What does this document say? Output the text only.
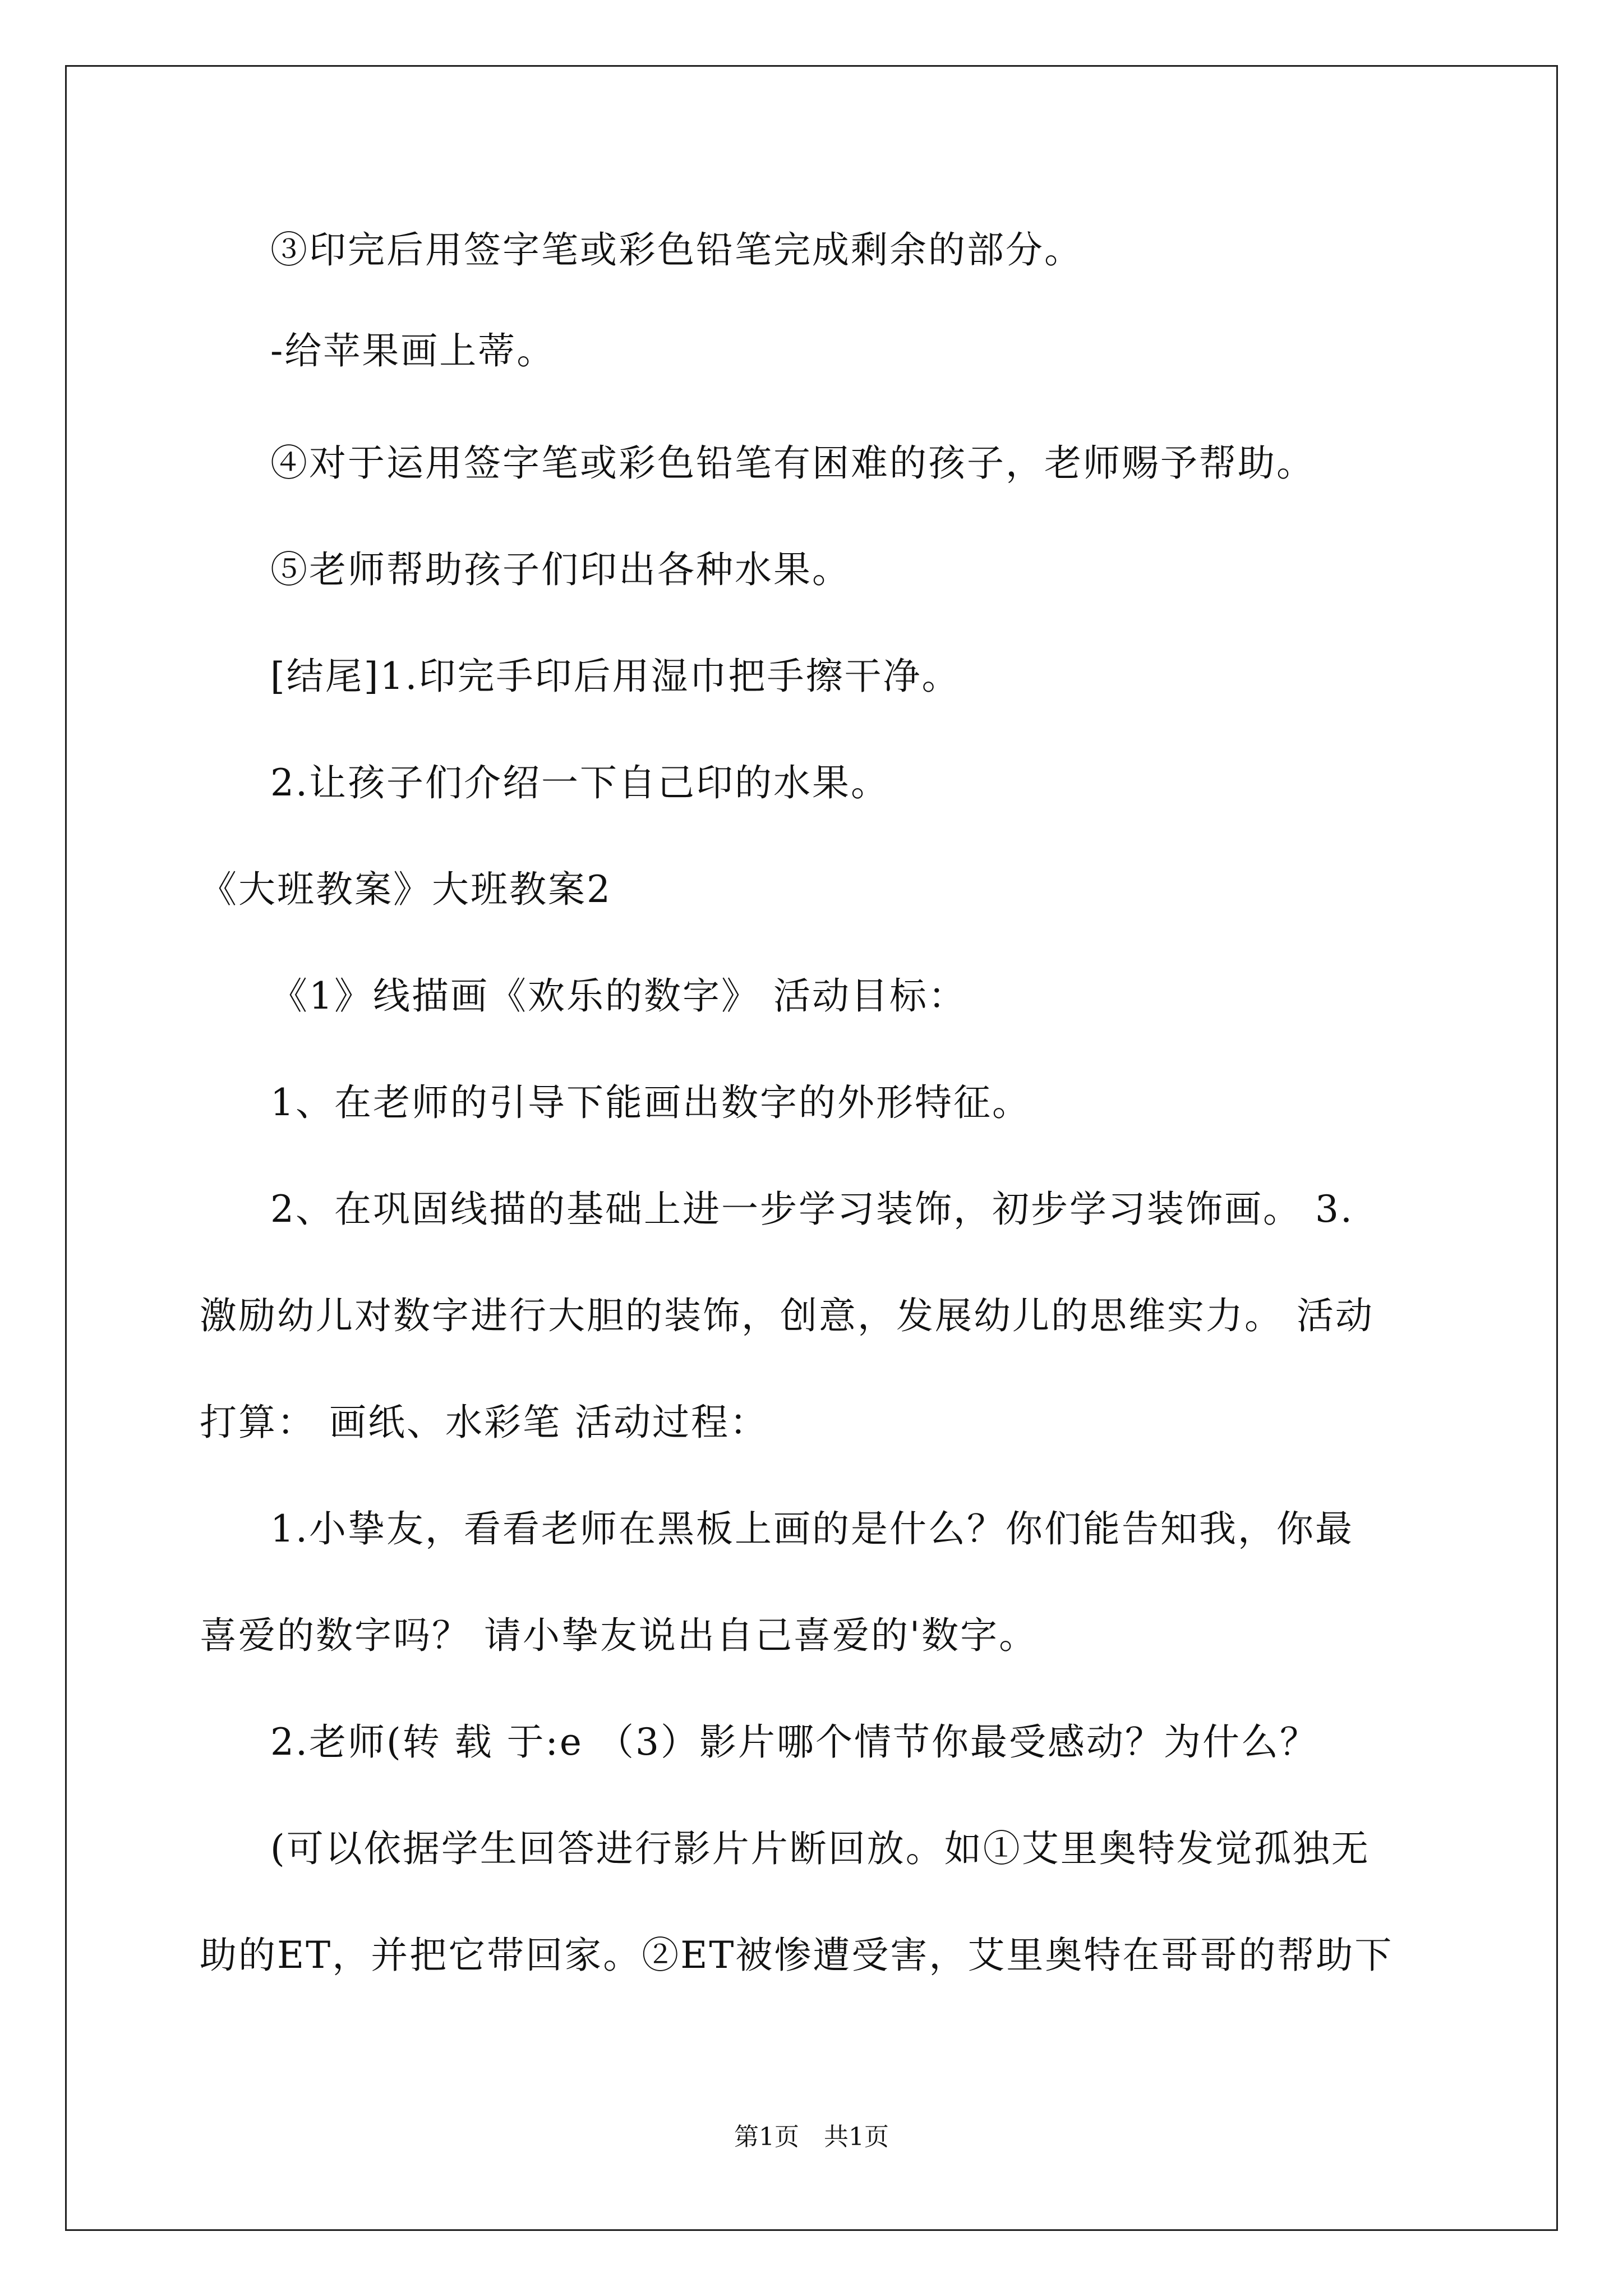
③印完后用签字笔或彩色铅笔完成剩余的部分。
-给苹果画上蒂。
④对于运用签字笔或彩色铅笔有困难的孩子，老师赐予帮助。
⑤老师帮助孩子们印出各种水果。
[结尾]1.印完手印后用湿巾把手擦干净。
2.让孩子们介绍一下自己印的水果。
《大班教案》大班教案2
《1》线描画《欢乐的数字》 活动目标：
1、在老师的引导下能画出数字的外形特征。
2、在巩固线描的基础上进一步学习装饰，初步学习装饰画。 3.
激励幼儿对数字进行大胆的装饰，创意，发展幼儿的思维实力。 活动
打算： 画纸、水彩笔 活动过程：
1.小挚友，看看老师在黑板上画的是什么？你们能告知我，你最
喜爱的数字吗？ 请小挚友说出自己喜爱的'数字。
2.老师(转 载 于:e （3）影片哪个情节你最受感动？为什么？
(可以依据学生回答进行影片片断回放。如①艾里奥特发觉孤独无
助的ET，并把它带回家。②ET被惨遭受害，艾里奥特在哥哥的帮助下
第1页　共1页
